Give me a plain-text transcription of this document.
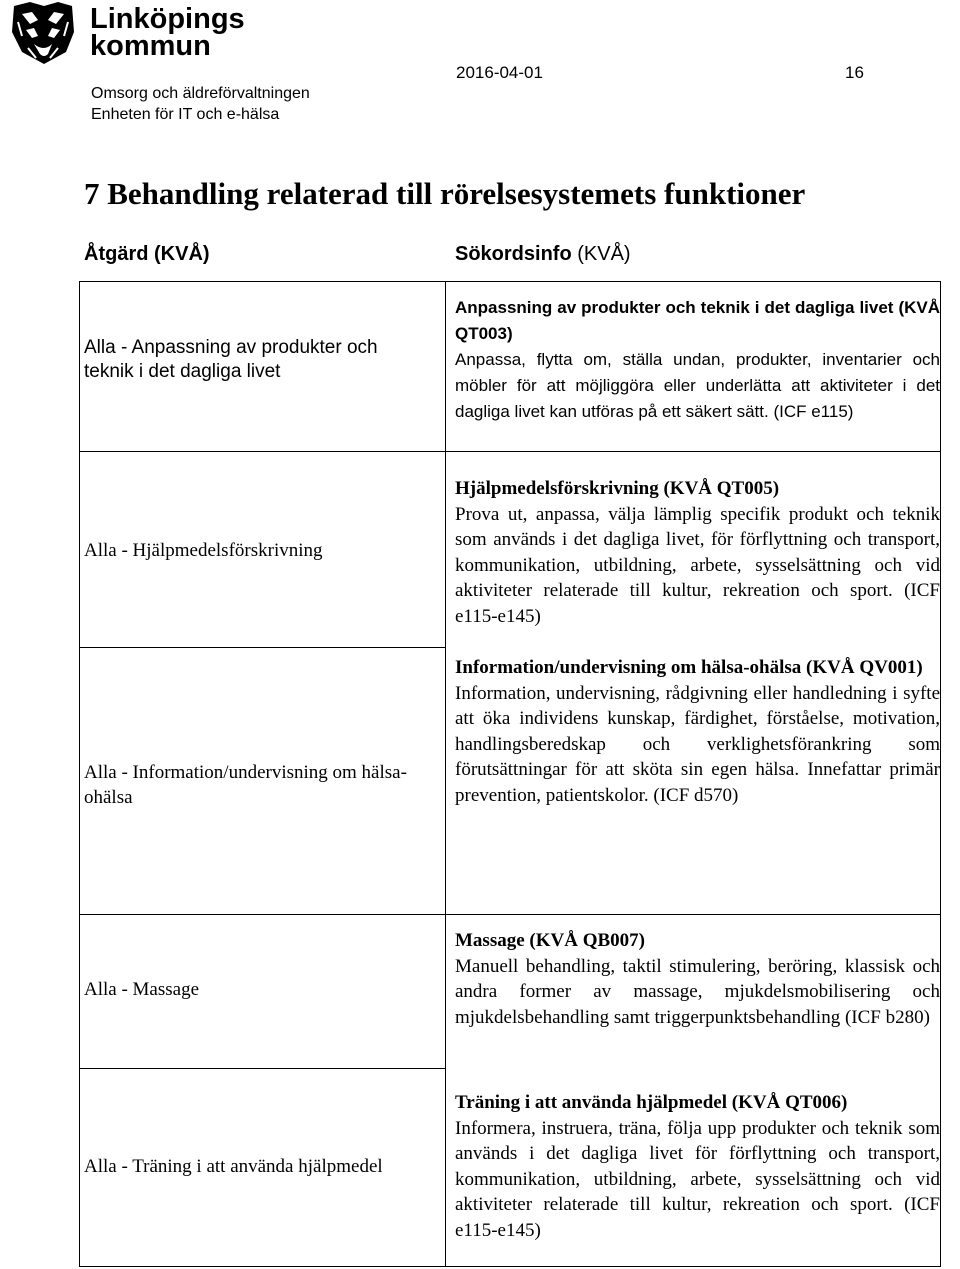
Linköpings
kommun
Omsorg och äldreförvaltningen
Enheten för IT och e-hälsa
2016-04-01	16
7 Behandling relaterad till rörelsesystemets funktioner
Åtgärd (KVÅ)	Sökordsinfo (KVÅ)
Alla - Anpassning av produkter och teknik i det dagliga livet
Anpassning av produkter och teknik i det dagliga livet (KVÅ QT003)
Anpassa, flytta om, ställa undan, produkter, inventarier och möbler för att möjliggöra eller underlätta att aktiviteter i det dagliga livet kan utföras på ett säkert sätt. (ICF e115)
Alla - Hjälpmedelsförskrivning
Hjälpmedelsförskrivning (KVÅ QT005)
Prova ut, anpassa, välja lämplig specifik produkt och teknik som används i det dagliga livet, för förflyttning och transport, kommunikation, utbildning, arbete, sysselsättning och vid aktiviteter relaterade till kultur, rekreation och sport. (ICF e115-e145)
Alla - Information/undervisning om hälsa-ohälsa
Information/undervisning om hälsa-ohälsa (KVÅ QV001)
Information, undervisning, rådgivning eller handledning i syfte att öka individens kunskap, färdighet, förståelse, motivation, handlingsberedskap och verklighetsförankring som förutsättningar för att sköta sin egen hälsa. Innefattar primär prevention, patientskolor. (ICF d570)
Alla - Massage
Massage (KVÅ QB007)
Manuell behandling, taktil stimulering, beröring, klassisk och andra former av massage, mjukdelsmobilisering och mjukdelsbehandling samt triggerpunktsbehandling (ICF b280)
Alla - Träning i att använda hjälpmedel
Träning i att använda hjälpmedel (KVÅ QT006)
Informera, instruera, träna, följa upp produkter och teknik som används i det dagliga livet för förflyttning och transport, kommunikation, utbildning, arbete, sysselsättning och vid aktiviteter relaterade till kultur, rekreation och sport. (ICF e115-e145)
